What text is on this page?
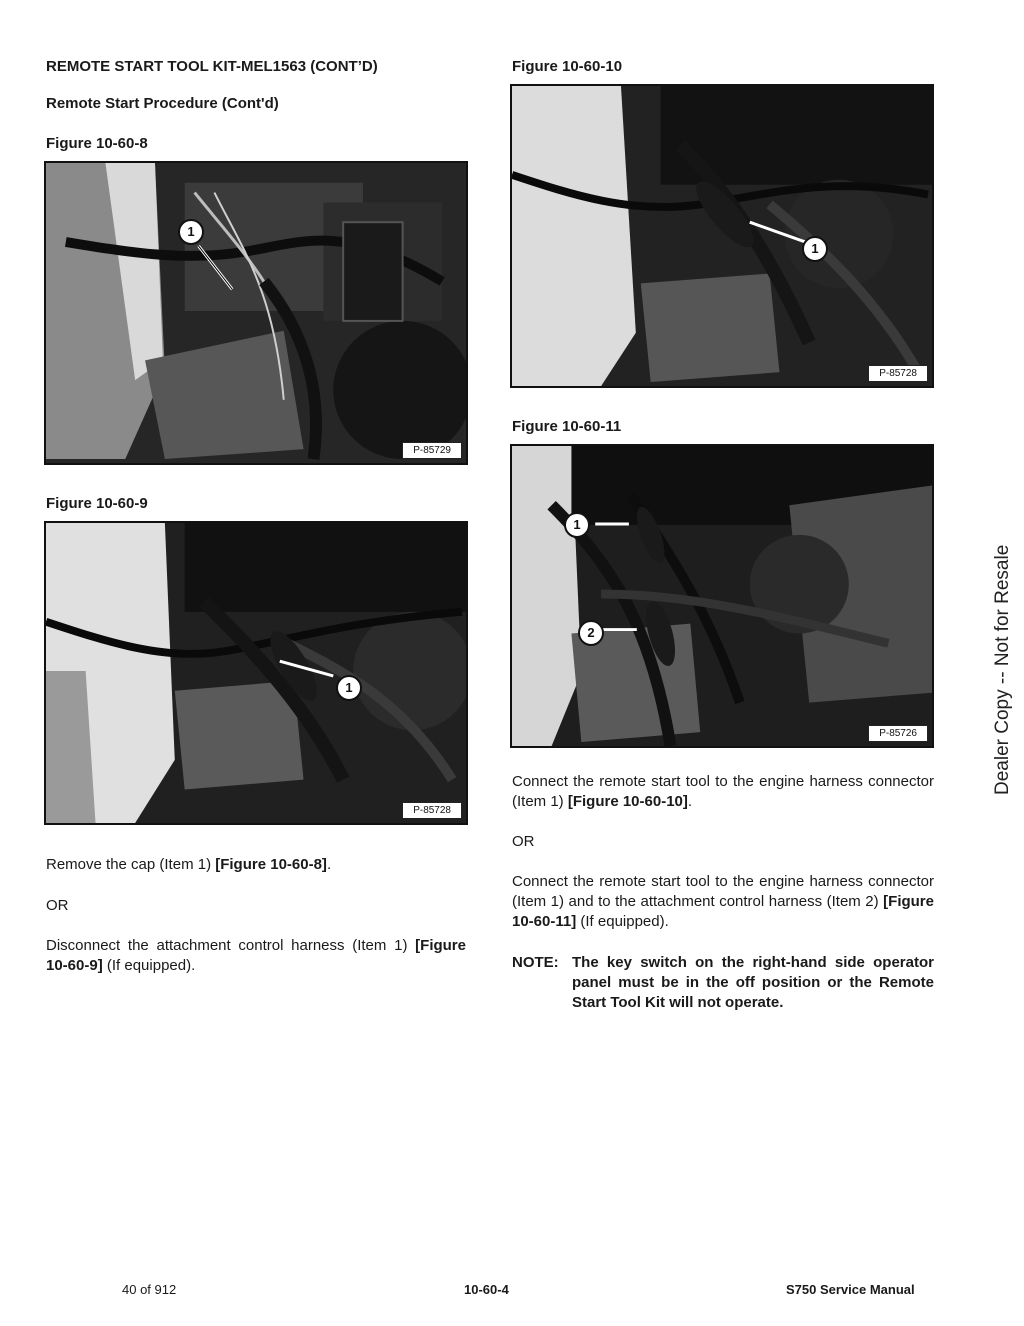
REMOTE START TOOL KIT-MEL1563 (CONT’D)
Remote Start Procedure (Cont'd)
Figure 10-60-8
1
P-85729
Figure 10-60-9
1
P-85728
Remove the cap (Item 1) [Figure 10-60-8].
OR
Disconnect the attachment control harness (Item 1) [Figure 10-60-9] (If equipped).
Figure 10-60-10
1
P-85728
Figure 10-60-11
1
2
P-85726
Connect the remote start tool to the engine harness connector (Item 1) [Figure 10-60-10].
OR
Connect the remote start tool to the engine harness connector (Item 1) and to the attachment control harness (Item 2) [Figure 10-60-11] (If equipped).
NOTE: The key switch on the right-hand side operator panel must be in the off position or the Remote Start Tool Kit will not operate.
Dealer Copy -- Not for Resale
40 of 912	10-60-4	S750 Service Manual
